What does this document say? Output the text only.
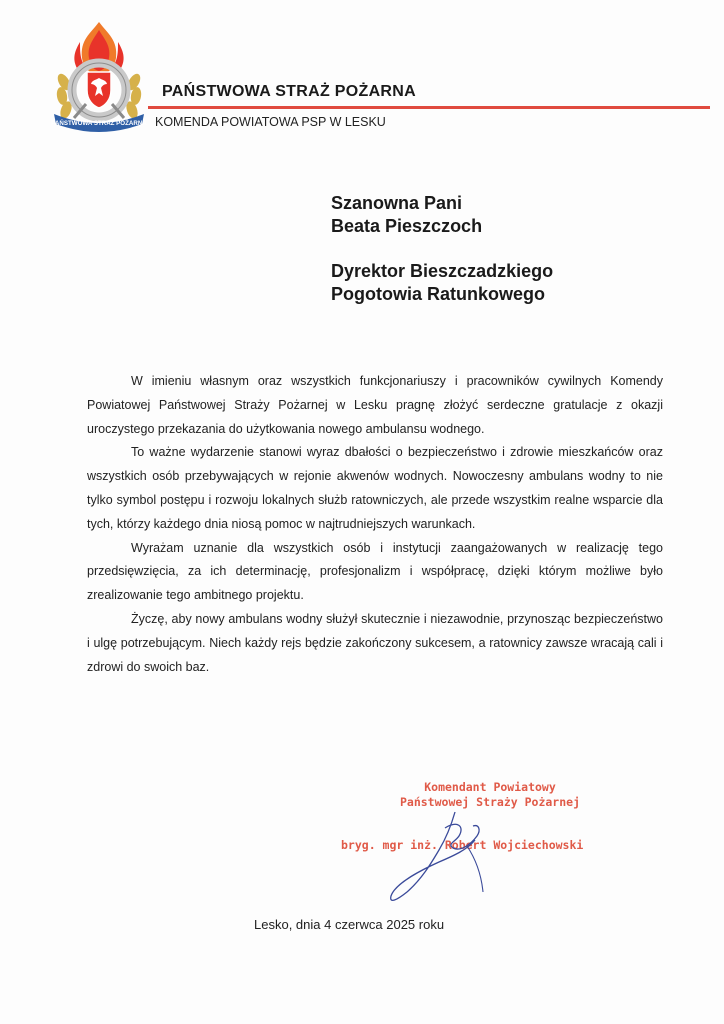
PAŃSTWOWA STRAŻ POŻARNA
PAŃSTWOWA STRAŻ POŻARNA
KOMENDA POWIATOWA PSP W LESKU
Szanowna Pani
Beata Pieszczoch
Dyrektor Bieszczadzkiego
Pogotowia Ratunkowego

W imieniu własnym oraz wszystkich funkcjonariuszy i pracowników cywilnych Komendy Powiatowej Państwowej Straży Pożarnej w Lesku pragnę złożyć serdeczne gratulacje z okazji uroczystego przekazania do użytkowania nowego ambulansu wodnego.

To ważne wydarzenie stanowi wyraz dbałości o bezpieczeństwo i zdrowie mieszkańców oraz wszystkich osób przebywających w rejonie akwenów wodnych. Nowoczesny ambulans wodny to nie tylko symbol postępu i rozwoju lokalnych służb ratowniczych, ale przede wszystkim realne wsparcie dla tych, którzy każdego dnia niosą pomoc w najtrudniejszych warunkach.

Wyrażam uznanie dla wszystkich osób i instytucji zaangażowanych w realizację tego przedsięwzięcia, za ich determinację, profesjonalizm i współpracę, dzięki którym możliwe było zrealizowanie tego ambitnego projektu.

Życzę, aby nowy ambulans wodny służył skutecznie i niezawodnie, przynosząc bezpieczeństwo i ulgę potrzebującym. Niech każdy rejs będzie zakończony sukcesem, a ratownicy zawsze wracają cali i zdrowi do swoich baz.

Komendant Powiatowy
Państwowej Straży Pożarnej
bryg. mgr inż. Robert Wojciechowski
Lesko, dnia 4 czerwca 2025 roku
